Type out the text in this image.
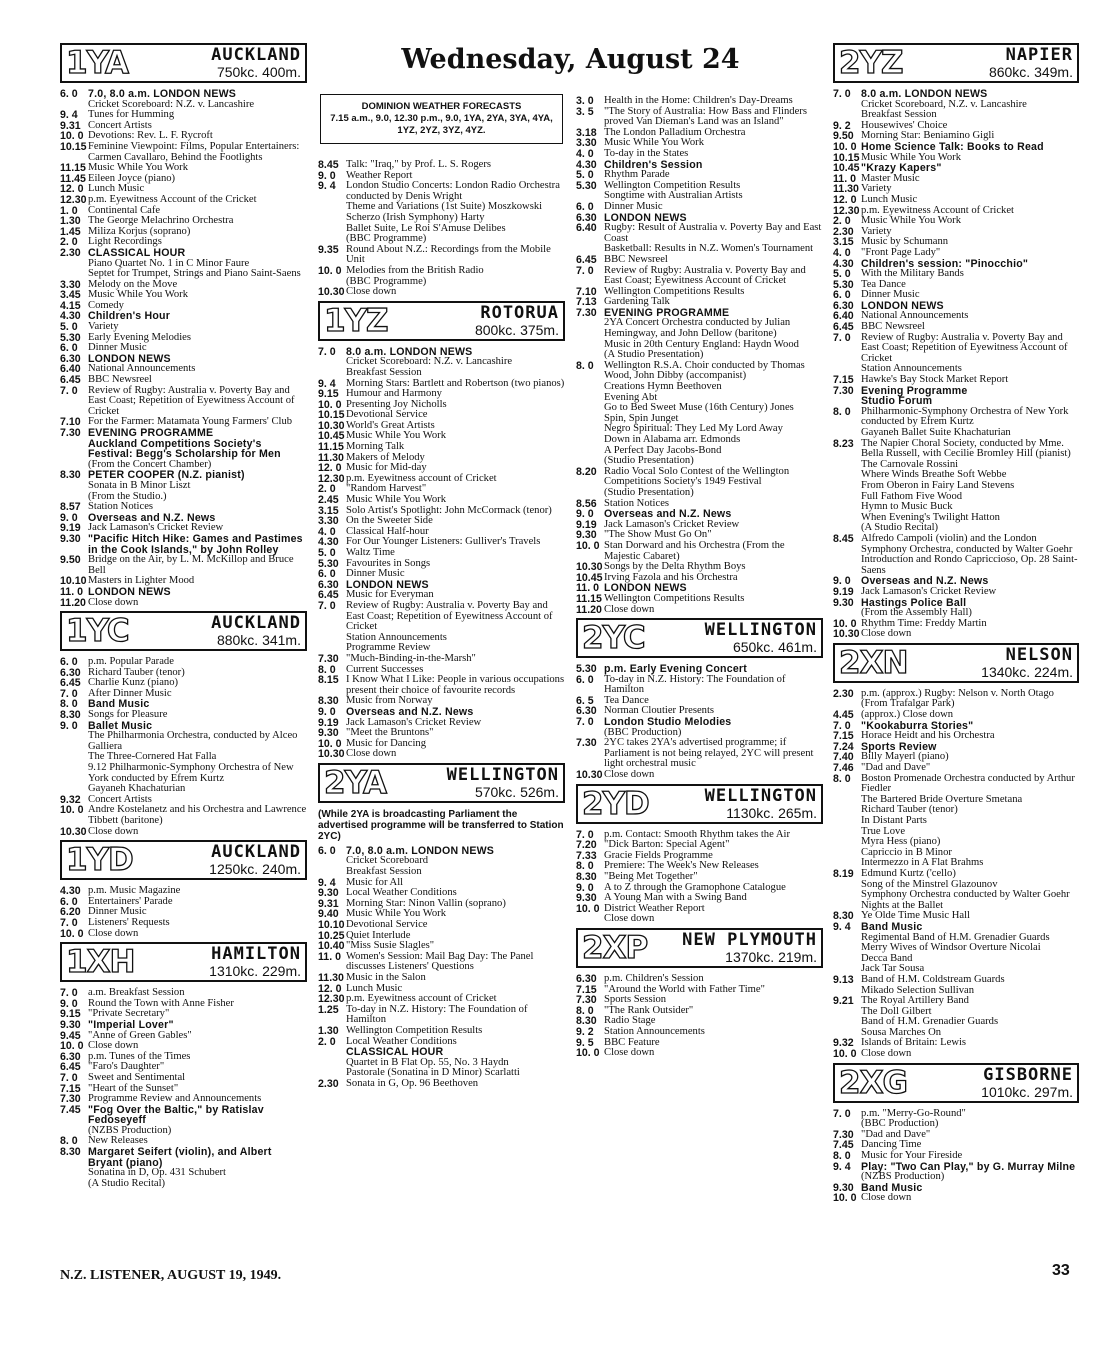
Wednesday, August 24
1YA	AUCKLAND
750kc. 400m.
6. 0 7.0, 8.0 a.m. LONDON NEWS
Cricket Scoreboard: N.Z. v. Lancashire
9. 4 Tunes for Humming
9.31 Concert Artists
10. 0 Devotions: Rev. L. F. Rycroft
10.15 Feminine Viewpoint: Films, Popular Entertainers: Carmen Cavallaro, Behind the Footlights
11.15 Music While You Work
11.45 Eileen Joyce (piano)
12. 0 Lunch Music
12.30 p.m. Eyewitness Account of the Cricket
1. 0 Continental Cafe
1.30 The George Melachrino Orchestra
1.45 Miliza Korjus (soprano)
2. 0 Light Recordings
2.30 CLASSICAL HOUR
Piano Quartet No. 1 in C Minor Faure
Septet for Trumpet, Strings and Piano Saint-Saens
3.30 Melody on the Move
3.45 Music While You Work
4.15 Comedy
4.30 Children's Hour
5. 0 Variety
5.30 Early Evening Melodies
6. 0 Dinner Music
6.30 LONDON NEWS
6.40 National Announcements
6.45 BBC Newsreel
7. 0 Review of Rugby: Australia v. Poverty Bay and East Coast; Repetition of Eyewitness Account of Cricket
7.10 For the Farmer: Matamata Young Farmers' Club
7.30 EVENING PROGRAMME
Auckland Competitions Society's Festival: Begg's Scholarship for Men
(From the Concert Chamber)
8.30 PETER COOPER (N.Z. pianist)
Sonata in B Minor Liszt
(From the Studio.)
8.57 Station Notices
9. 0 Overseas and N.Z. News
9.19 Jack Lamason's Cricket Review
9.30 "Pacific Hitch Hike: Games and Pastimes in the Cook Islands," by John Rolley
9.50 Bridge on the Air, by L. M. McKillop and Bruce Bell
10.10 Masters in Lighter Mood
11. 0 LONDON NEWS
11.20 Close down
1YC	AUCKLAND
880kc. 341m.
6. 0 p.m. Popular Parade
6.30 Richard Tauber (tenor)
6.45 Charlie Kunz (piano)
7. 0 After Dinner Music
8. 0 Band Music
8.30 Songs for Pleasure
9. 0 Ballet Music
The Philharmonia Orchestra, conducted by Alceo Galliera
The Three-Cornered Hat Falla
9.12 Philharmonic-Symphony Orchestra of New York conducted by Efrem Kurtz
Gayaneh Khachaturian
9.32 Concert Artists
10. 0 Andre Kostelanetz and his Orchestra and Lawrence Tibbett (baritone)
10.30 Close down
1YD	AUCKLAND
1250kc. 240m.
4.30 p.m. Music Magazine
6. 0 Entertainers' Parade
6.20 Dinner Music
7. 0 Listeners' Requests
10. 0 Close down
1XH	HAMILTON
1310kc. 229m.
7. 0 a.m. Breakfast Session
9. 0 Round the Town with Anne Fisher
9.15 "Private Secretary"
9.30 "Imperial Lover"
9.45 "Anne of Green Gables"
10. 0 Close down
6.30 p.m. Tunes of the Times
6.45 "Faro's Daughter"
7. 0 Sweet and Sentimental
7.15 "Heart of the Sunset"
7.30 Programme Review and Announcements
7.45 "Fog Over the Baltic," by Ratislav Fedoseyeff
(NZBS Production)
8. 0 New Releases
8.30 Margaret Seifert (violin), and Albert Bryant (piano)
Sonatina in D, Op. 431 Schubert
(A Studio Recital)
DOMINION WEATHER FORECASTS
7.15 a.m., 9.0, 12.30 p.m., 9.0, 1YA, 2YA, 3YA, 4YA, 1YZ, 2YZ, 3YZ, 4YZ.
8.45 Talk: "Iraq," by Prof. L. S. Rogers
9. 0 Weather Report
9. 4 London Studio Concerts: London Radio Orchestra conducted by Denis Wright
Theme and Variations (1st Suite) Moszkowski
Scherzo (Irish Symphony) Harty
Ballet Suite, Le Roi S'Amuse Delibes
(BBC Programme)
9.35 Round About N.Z.: Recordings from the Mobile Unit
10. 0 Melodies from the British Radio
(BBC Programme)
10.30 Close down
1YZ	ROTORUA
800kc. 375m.
7. 0 8.0 a.m. LONDON NEWS
Cricket Scoreboard: N.Z. v. Lancashire
Breakfast Session
9. 4 Morning Stars: Bartlett and Robertson (two pianos)
9.15 Humour and Harmony
10. 0 Presenting Joy Nicholls
10.15 Devotional Service
10.30 World's Great Artists
10.45 Music While You Work
11.15 Morning Talk
11.30 Makers of Melody
12. 0 Music for Mid-day
12.30 p.m. Eyewitness account of Cricket
2. 0 "Random Harvest"
2.45 Music While You Work
3.15 Solo Artist's Spotlight: John McCormack (tenor)
3.30 On the Sweeter Side
4. 0 Classical Half-hour
4.30 For Our Younger Listeners: Gulliver's Travels
5. 0 Waltz Time
5.30 Favourites in Songs
6. 0 Dinner Music
6.30 LONDON NEWS
6.45 Music for Everyman
7. 0 Review of Rugby: Australia v. Poverty Bay and East Coast; Repetition of Eyewitness Account of Cricket
Station Announcements
Programme Review
7.30 "Much-Binding-in-the-Marsh"
8. 0 Current Successes
8.15 I Know What I Like: People in various occupations present their choice of favourite records
8.30 Music from Norway
9. 0 Overseas and N.Z. News
9.19 Jack Lamason's Cricket Review
9.30 "Meet the Bruntons"
10. 0 Music for Dancing
10.30 Close down
2YA	WELLINGTON
570kc. 526m.
(While 2YA is broadcasting Parliament the advertised programme will be transferred to Station 2YC)
6. 0 7.0, 8.0 a.m. LONDON NEWS
Cricket Scoreboard
Breakfast Session
9. 4 Music for All
9.30 Local Weather Conditions
9.31 Morning Star: Ninon Vallin (soprano)
9.40 Music While You Work
10.10 Devotional Service
10.25 Quiet Interlude
10.40 "Miss Susie Slagles"
11. 0 Women's Session: Mail Bag Day: The Panel discusses Listeners' Questions
11.30 Music in the Salon
12. 0 Lunch Music
12.30 p.m. Eyewitness account of Cricket
1.25 To-day in N.Z. History: The Foundation of Hamilton
1.30 Wellington Competition Results
2. 0 Local Weather Conditions
CLASSICAL HOUR
Quartet in B Flat Op. 55, No. 3 Haydn
Pastorale (Sonatina in D Minor) Scarlatti
2.30 Sonata in G, Op. 96 Beethoven
3. 0 Health in the Home: Children's Day-Dreams
3. 5 "The Story of Australia: How Bass and Flinders proved Van Dieman's Land was an Island"
3.18 The London Palladium Orchestra
3.30 Music While You Work
4. 0 To-day in the States
4.30 Children's Session
5. 0 Rhythm Parade
5.30 Wellington Competition Results
Songtime with Australian Artists
6. 0 Dinner Music
6.30 LONDON NEWS
6.40 Rugby: Result of Australia v. Poverty Bay and East Coast
Basketball: Results in N.Z. Women's Tournament
6.45 BBC Newsreel
7. 0 Review of Rugby: Australia v. Poverty Bay and East Coast; Eyewitness Account of Cricket
7.10 Wellington Competitions Results
7.13 Gardening Talk
7.30 EVENING PROGRAMME
2YA Concert Orchestra conducted by Julian Hemingway, and John Dellow (baritone)
Music in 20th Century England: Haydn Wood
(A Studio Presentation)
8. 0 Wellington R.S.A. Choir conducted by Thomas Wood, John Dibby (accompanist)
Creations Hymn Beethoven
Evening Abt
Go to Bed Sweet Muse (16th Century) Jones
Spin, Spin Junget
Negro Spiritual: They Led My Lord Away
Down in Alabama arr. Edmonds
A Perfect Day Jacobs-Bond
(Studio Presentation)
8.20 Radio Vocal Solo Contest of the Wellington Competitions Society's 1949 Festival
(Studio Presentation)
8.56 Station Notices
9. 0 Overseas and N.Z. News
9.19 Jack Lamason's Cricket Review
9.30 "The Show Must Go On"
10. 0 Stan Dorward and his Orchestra (From the Majestic Cabaret)
10.30 Songs by the Delta Rhythm Boys
10.45 Irving Fazola and his Orchestra
11. 0 LONDON NEWS
11.15 Wellington Competitions Results
11.20 Close down
2YC	WELLINGTON
650kc. 461m.
5.30 p.m. Early Evening Concert
6. 0 To-day in N.Z. History: The Foundation of Hamilton
6. 5 Tea Dance
6.30 Norman Cloutier Presents
7. 0 London Studio Melodies
(BBC Production)
7.30 2YC takes 2YA's advertised programme; if Parliament is not being relayed, 2YC will present light orchestral music
10.30 Close down
2YD	WELLINGTON
1130kc. 265m.
7. 0 p.m. Contact: Smooth Rhythm takes the Air
7.20 "Dick Barton: Special Agent"
7.33 Gracie Fields Programme
8. 0 Premiere: The Week's New Releases
8.30 "Being Met Together"
9. 0 A to Z through the Gramophone Catalogue
9.30 A Young Man with a Swing Band
10. 0 District Weather Report
Close down
2XP	NEW PLYMOUTH
1370kc. 219m.
6.30 p.m. Children's Session
7.15 "Around the World with Father Time"
7.30 Sports Session
8. 0 "The Rank Outsider"
8.30 Radio Stage
9. 2 Station Announcements
9. 5 BBC Feature
10. 0 Close down
2YZ	NAPIER
860kc. 349m.
7. 0 8.0 a.m. LONDON NEWS
Cricket Scoreboard, N.Z. v. Lancashire
Breakfast Session
9. 2 Housewives' Choice
9.50 Morning Star: Beniamino Gigli
10. 0 Home Science Talk: Books to Read
10.15 Music While You Work
10.45 "Krazy Kapers"
11. 0 Master Music
11.30 Variety
12. 0 Lunch Music
12.30 p.m. Eyewitness Account of Cricket
2. 0 Music While You Work
2.30 Variety
3.15 Music by Schumann
4. 0 "Front Page Lady"
4.30 Children's session: "Pinocchio"
5. 0 With the Military Bands
5.30 Tea Dance
6. 0 Dinner Music
6.30 LONDON NEWS
6.40 National Announcements
6.45 BBC Newsreel
7. 0 Review of Rugby: Australia v. Poverty Bay and East Coast; Repetition of Eyewitness Account of Cricket
Station Announcements
7.15 Hawke's Bay Stock Market Report
7.30 Evening Programme
Studio Forum
8. 0 Philharmonic-Symphony Orchestra of New York conducted by Efrem Kurtz
Gayaneh Ballet Suite Khachaturian
8.23 The Napier Choral Society, conducted by Mme. Bella Russell, with Cecilie Bromley Hill (pianist)
The Carnovale Rossini
Where Winds Breathe Soft Webbe
From Oberon in Fairy Land Stevens
Full Fathom Five Wood
Hymn to Music Buck
When Evening's Twilight Hatton
(A Studio Recital)
8.45 Alfredo Campoli (violin) and the London Symphony Orchestra, conducted by Walter Goehr
Introduction and Rondo Capriccioso, Op. 28 Saint-Saens
9. 0 Overseas and N.Z. News
9.19 Jack Lamason's Cricket Review
9.30 Hastings Police Ball
(From the Assembly Hall)
10. 0 Rhythm Time: Freddy Martin
10.30 Close down
2XN	NELSON
1340kc. 224m.
2.30 p.m. (approx.) Rugby: Nelson v. North Otago
(From Trafalgar Park)
4.45 (approx.) Close down
7. 0 "Kookaburra Stories"
7.15 Horace Heidt and his Orchestra
7.24 Sports Review
7.40 Billy Mayerl (piano)
7.46 "Dad and Dave"
8. 0 Boston Promenade Orchestra conducted by Arthur Fiedler
The Bartered Bride Overture Smetana
Richard Tauber (tenor)
In Distant Parts
True Love
Myra Hess (piano)
Capriccio in B Minor
Intermezzo in A Flat Brahms
8.19 Edmund Kurtz ('cello)
Song of the Minstrel Glazounov
Symphony Orchestra conducted by Walter Goehr
Nights at the Ballet
8.30 Ye Olde Time Music Hall
9. 4 Band Music
Regimental Band of H.M. Grenadier Guards
Merry Wives of Windsor Overture Nicolai
Decca Band
Jack Tar Sousa
9.13 Band of H.M. Coldstream Guards
Mikado Selection Sullivan
9.21 The Royal Artillery Band
The Doll Gilbert
Band of H.M. Grenadier Guards
Sousa Marches On
9.32 Islands of Britain: Lewis
10. 0 Close down
2XG	GISBORNE
1010kc. 297m.
7. 0 p.m. "Merry-Go-Round"
(BBC Production)
7.30 "Dad and Dave"
7.45 Dancing Time
8. 0 Music for Your Fireside
9. 4 Play: "Two Can Play," by G. Murray Milne
(NZBS Production)
9.30 Band Music
10. 0 Close down
N.Z. LISTENER, AUGUST 19, 1949.	33
